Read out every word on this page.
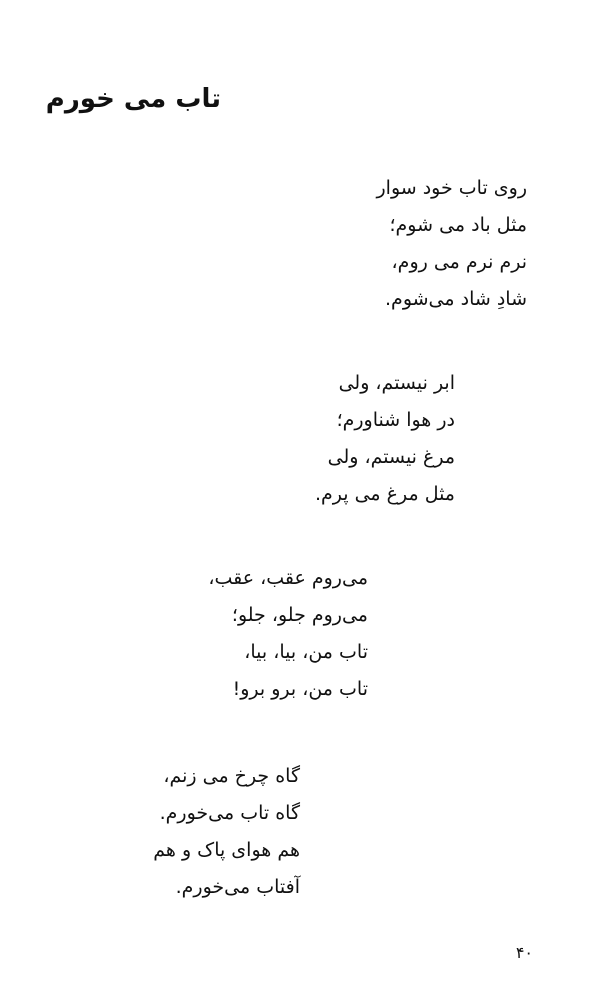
تاب می خورم
روی تاب خود سوار
مثل باد می شوم؛
نرم نرم می روم،
شادِ شاد می‌شوم.
ابر نیستم، ولی
در هوا شناورم؛
مرغ نیستم، ولی
مثل مرغ می پرم.
می‌روم عقب، عقب،
می‌روم جلو، جلو؛
تاب من، بیا، بیا،
تاب من، برو برو!
گاه چرخ می زنم،
گاه تاب می‌خورم.
هم هوای پاک و هم
آفتاب می‌خورم.
۴۰
